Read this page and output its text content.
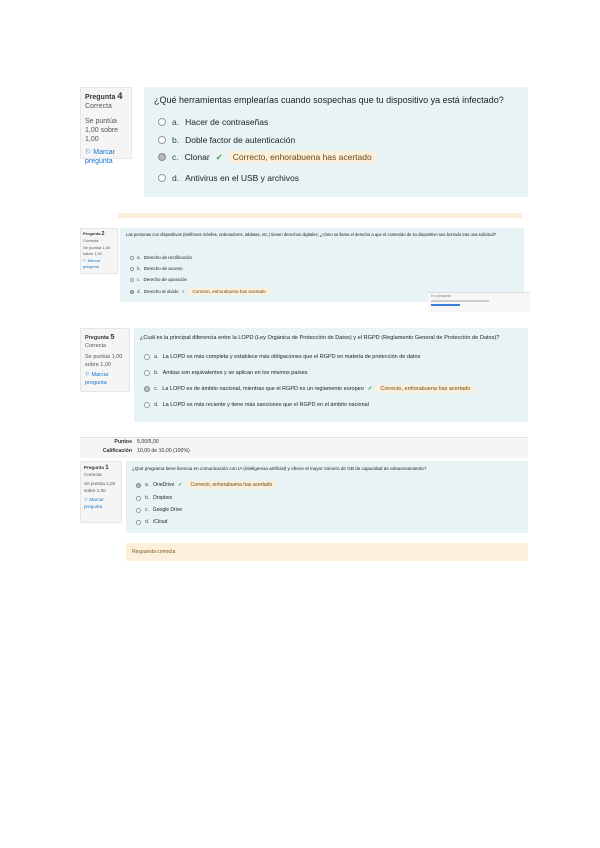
Pregunta 4
Correcta
Se puntúa 1,00 sobre 1,00
⚐ Marcar pregunta

¿Qué herramientas emplearías cuando sospechas que tu dispositivo ya está infectado?

a. Hacer de contraseñas
b. Doble factor de autenticación
c. Clonar ✓	Correcto, enhorabuena has acertado
d. Antivirus en el USB y archivos
Pregunta 2
Correcta
Se puntúa 1,00 sobre 1,00
⚐ Marcar pregunta

Las personas con dispositivos (teléfonos móviles, ordenadores, tabletas, etc.) tienen derechos digitales; ¿cómo se llama el derecho a que el contenido de su dispositivo sea borrado tras una solicitud?

a. Derecho de rectificación
b. Derecho de acceso
c. Derecho de oposición
d. Derecho al olvido ✓	Correcto, enhorabuena has acertado
Ir a pregunta
Pregunta 5
Correcta
Se puntúa 1,00 sobre 1,00
⚐ Marcar pregunta

¿Cuál es la principal diferencia entre la LOPD (Ley Orgánica de Protección de Datos) y el RGPD (Reglamento General de Protección de Datos)?

a. La LOPD es más completa y establece más obligaciones que el RGPD en materia de protección de datos
b. Ambas son equivalentes y se aplican en los mismos países
c. La LOPD es de ámbito nacional, mientras que el RGPD es un reglamento europeo ✓	Correcto, enhorabuena has acertado
d. La LOPD es más reciente y tiene más sanciones que el RGPD en el ámbito nacional
Puntos 5,00/5,00
Calificación 10,00 de 10,00 (100%)
Pregunta 1
Correcta
Se puntúa 1,00 sobre 1,00
⚐ Marcar pregunta

¿Qué programa tiene licencia en comunicación con IA (inteligencia artificial) y ofrece el mayor número de GB de capacidad de almacenamiento?

a. OneDrive ✓	Correcto, enhorabuena has acertado
b. Dropbox
c. Google Drive
d. iCloud
Respuesta correcta
